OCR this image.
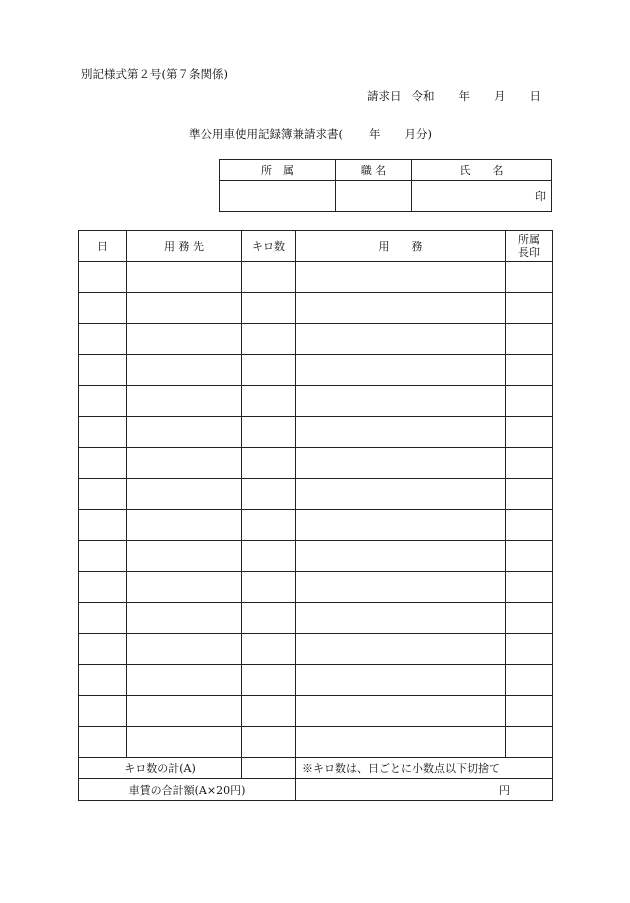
別記様式第２号(第７条関係)
請求日 令和 年 月 日
準公用車使用記録簿兼請求書( 年 月分)
所　属	職 名	氏　　名
		印
日	用 務 先	キロ数	用　　務	所属
長印

キロ数の計(A)			※キロ数は、日ごとに小数点以下切捨て	
車賃の合計額(A×20円)			円	
